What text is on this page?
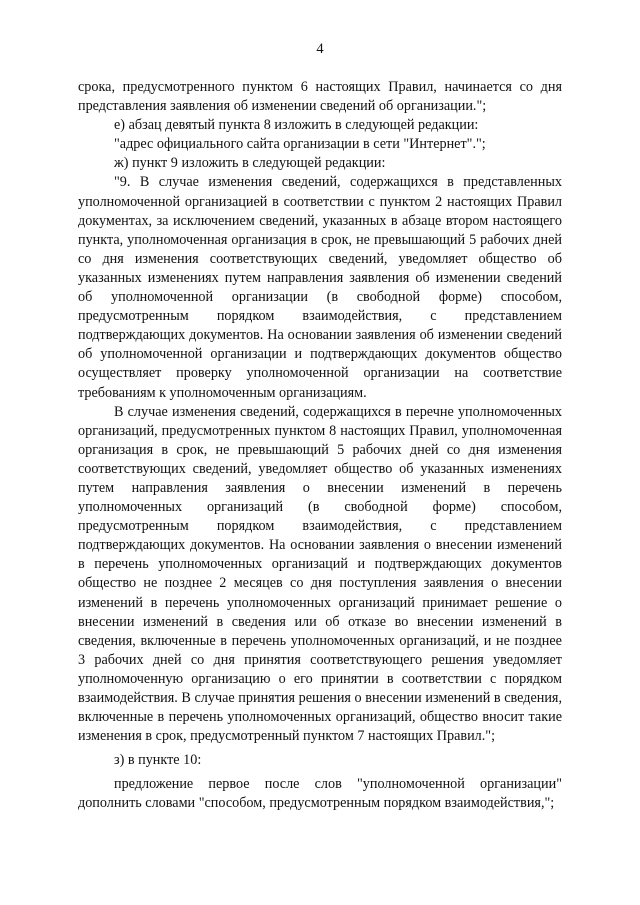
4

срока, предусмотренного пунктом 6 настоящих Правил, начинается со дня представления заявления об изменении сведений об организации.";

е) абзац девятый пункта 8 изложить в следующей редакции:

"адрес официального сайта организации в сети "Интернет".";

ж) пункт 9 изложить в следующей редакции:

"9. В случае изменения сведений, содержащихся в представленных уполномоченной организацией в соответствии с пунктом 2 настоящих Правил документах, за исключением сведений, указанных в абзаце втором настоящего пункта, уполномоченная организация в срок, не превышающий 5 рабочих дней со дня изменения соответствующих сведений, уведомляет общество об указанных изменениях путем направления заявления об изменении сведений об уполномоченной организации (в свободной форме) способом, предусмотренным порядком взаимодействия, с представлением подтверждающих документов. На основании заявления об изменении сведений об уполномоченной организации и подтверждающих документов общество осуществляет проверку уполномоченной организации на соответствие требованиям к уполномоченным организациям.

В случае изменения сведений, содержащихся в перечне уполномоченных организаций, предусмотренных пунктом 8 настоящих Правил, уполномоченная организация в срок, не превышающий 5 рабочих дней со дня изменения соответствующих сведений, уведомляет общество об указанных изменениях путем направления заявления о внесении изменений в перечень уполномоченных организаций (в свободной форме) способом, предусмотренным порядком взаимодействия, с представлением подтверждающих документов. На основании заявления о внесении изменений в перечень уполномоченных организаций и подтверждающих документов общество не позднее 2 месяцев со дня поступления заявления о внесении изменений в перечень уполномоченных организаций принимает решение о внесении изменений в сведения или об отказе во внесении изменений в сведения, включенные в перечень уполномоченных организаций, и не позднее 3 рабочих дней со дня принятия соответствующего решения уведомляет уполномоченную организацию о его принятии в соответствии с порядком взаимодействия. В случае принятия решения о внесении изменений в сведения, включенные в перечень уполномоченных организаций, общество вносит такие изменения в срок, предусмотренный пунктом 7 настоящих Правил.";

з) в пункте 10:

предложение первое после слов "уполномоченной организации" дополнить словами "способом, предусмотренным порядком взаимодействия,";
